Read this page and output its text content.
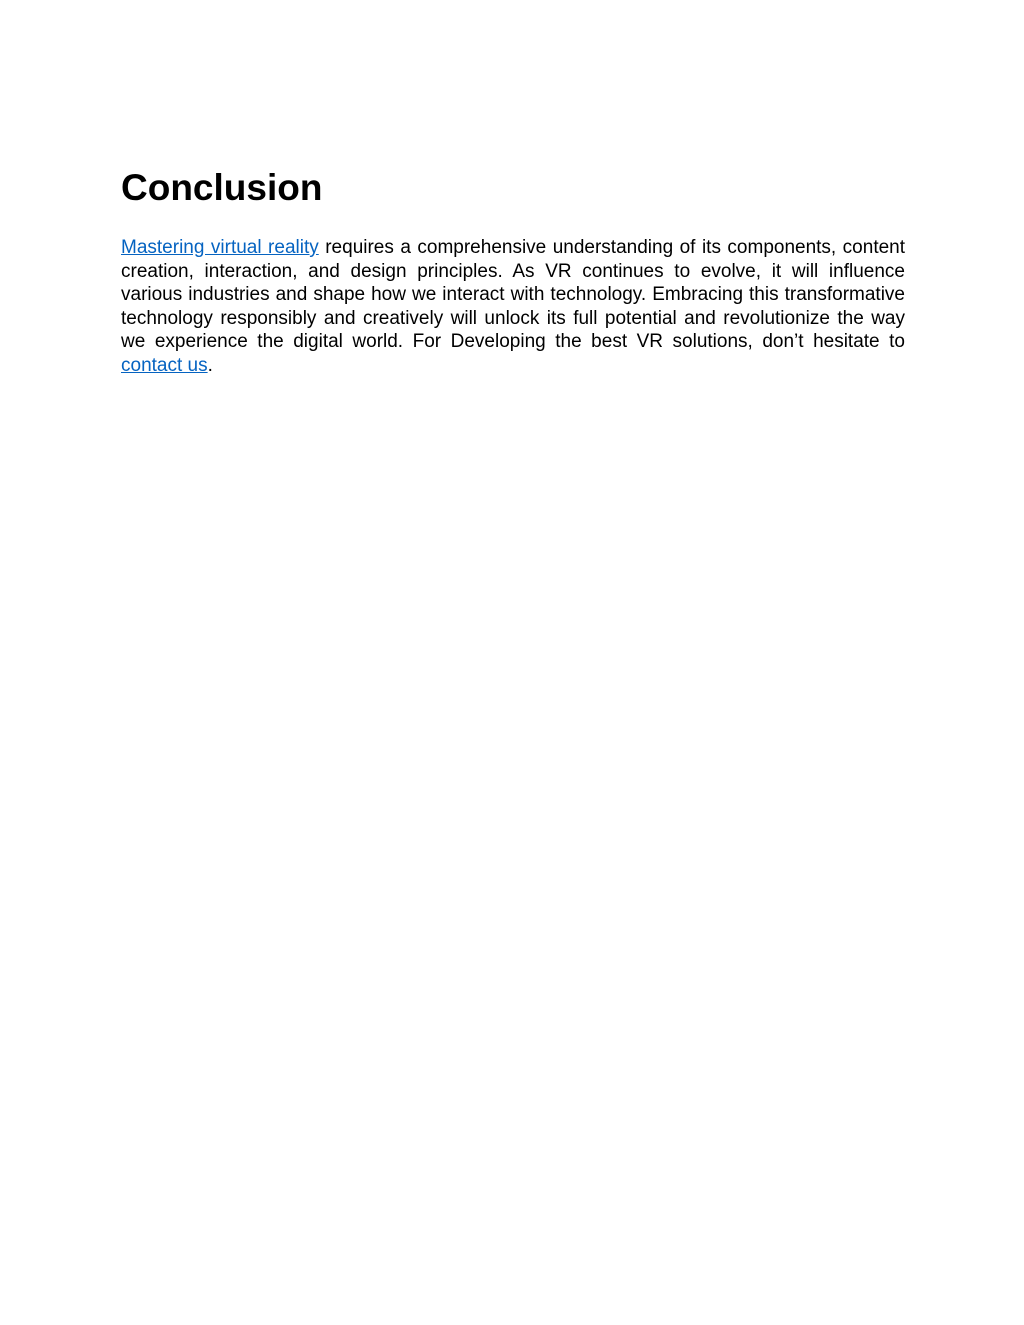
Conclusion

Mastering virtual reality requires a comprehensive understanding of its components, content creation, interaction, and design principles. As VR continues to evolve, it will influence various industries and shape how we interact with technology. Embracing this transformative technology responsibly and creatively will unlock its full potential and revolutionize the way we experience the digital world. For Developing the best VR solutions, don’t hesitate to contact us.
